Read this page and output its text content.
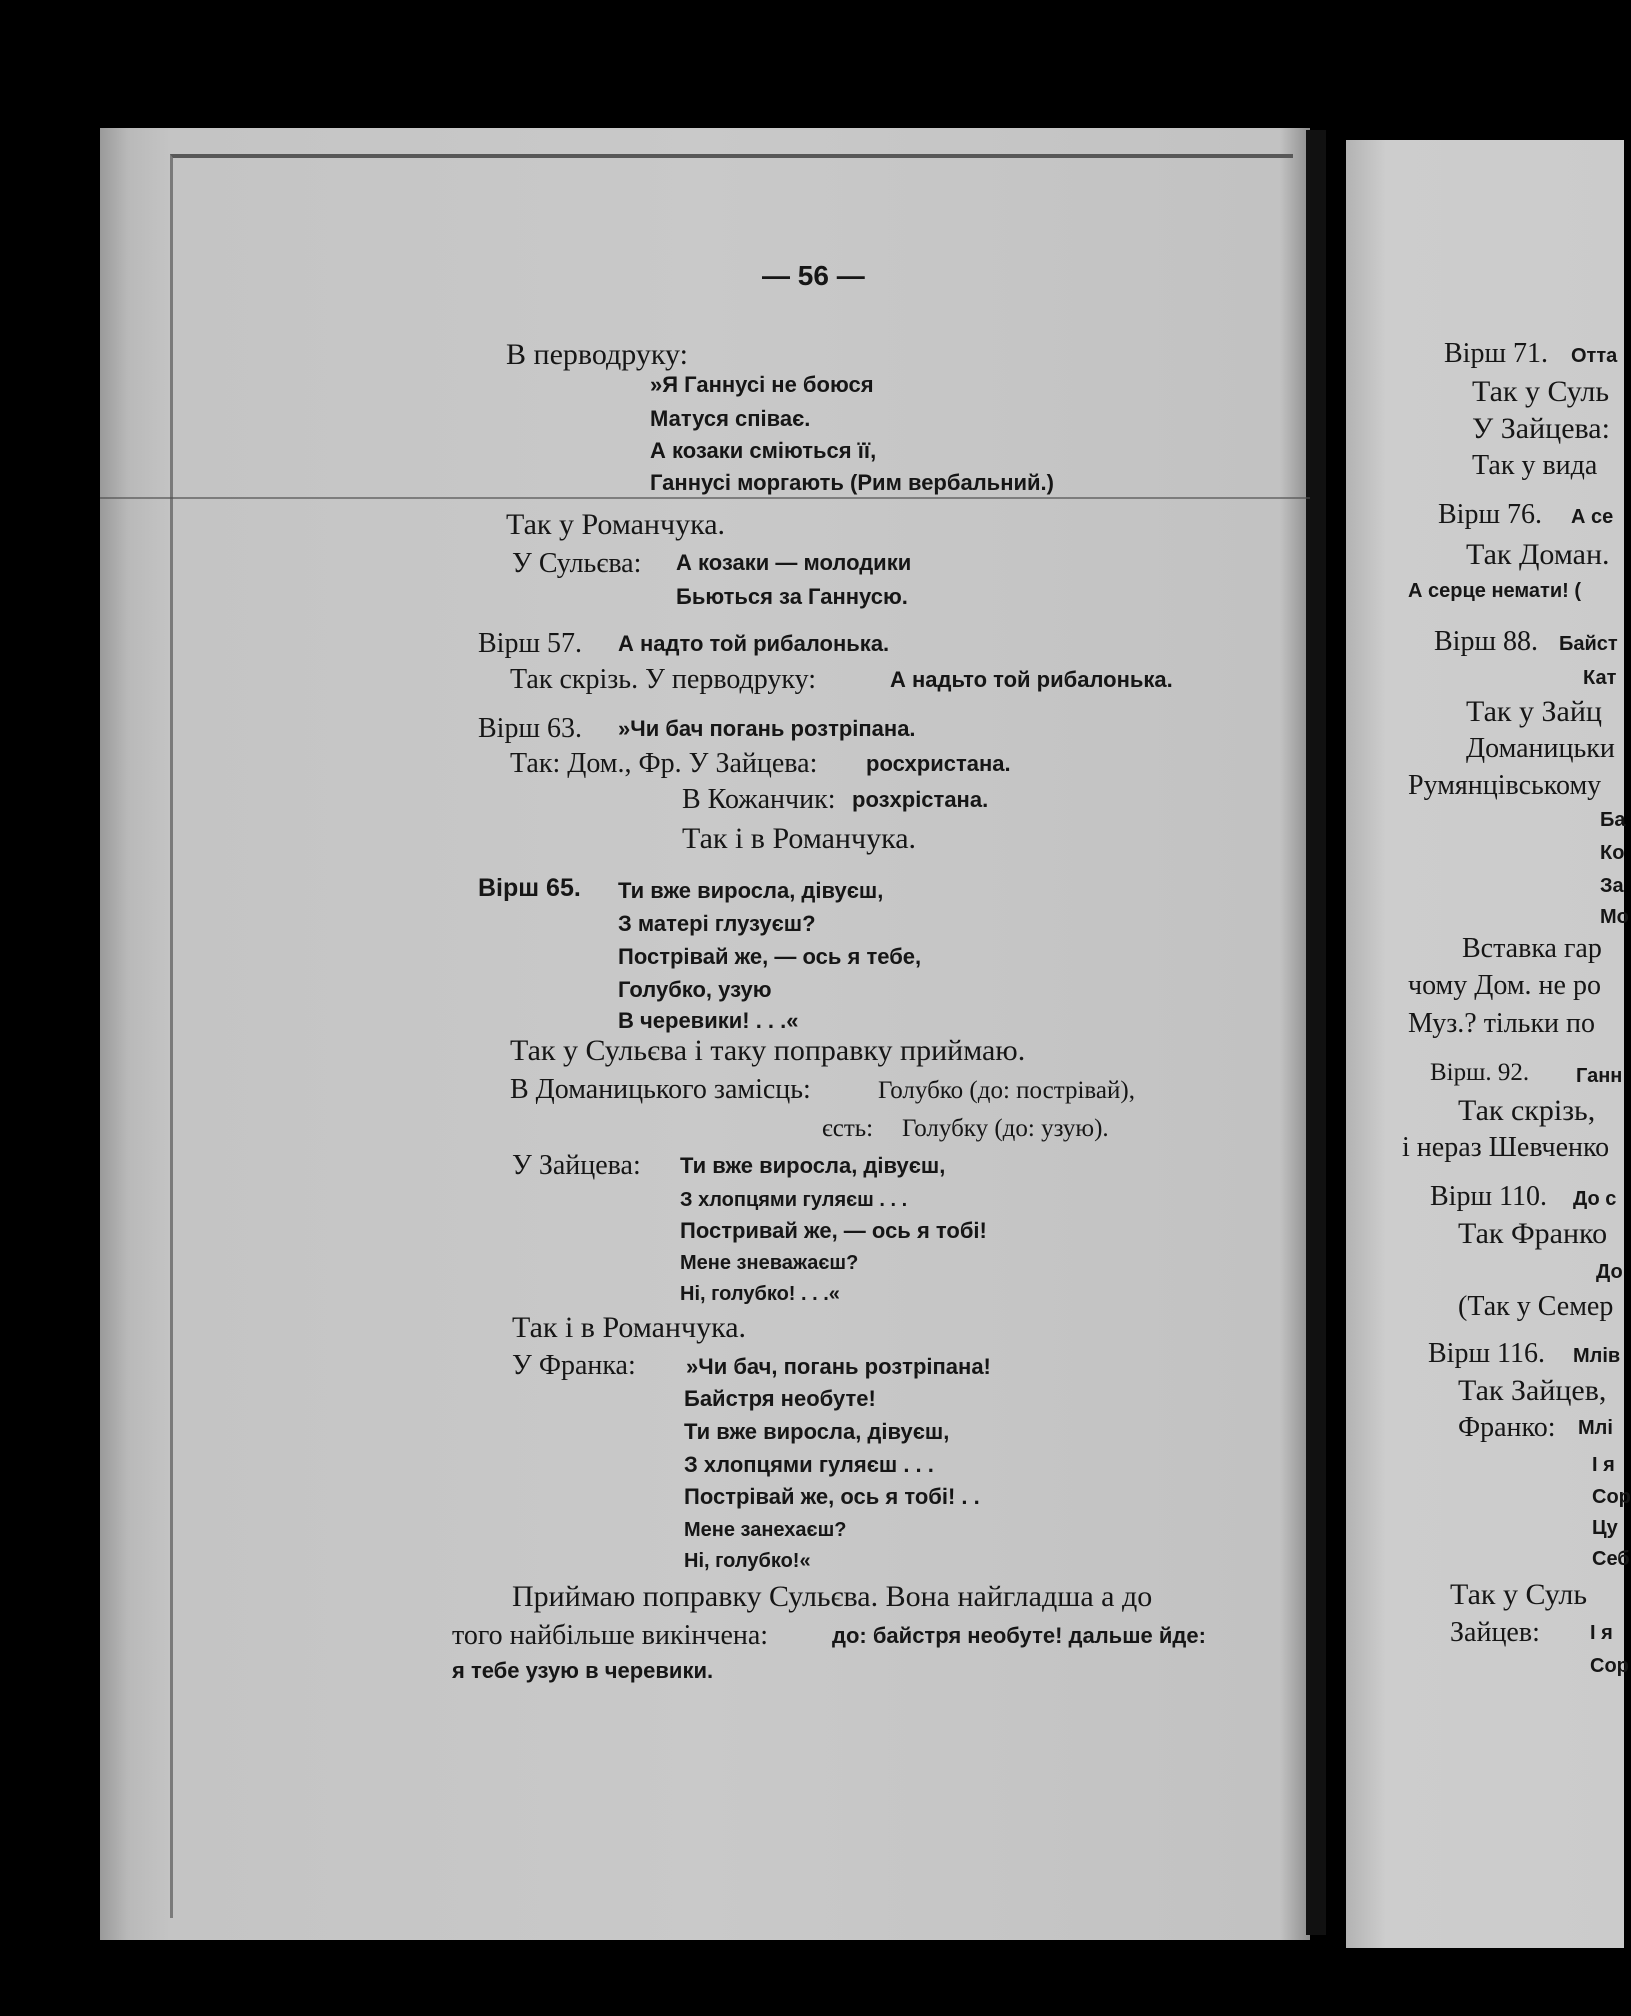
— 56 —
В перводруку:
»Я Ганнусі не боюся
Матуся співає.
А козаки сміються її,
Ганнусі моргають (Рим вербальний.)
Так у Романчука.
У Сульєва: А козаки — молодики
Бьються за Ганнусю.
Вірш 57. А надто той рибалонька.
Так скрізь. У перводруку:	А надьто той рибалонька.
Вірш 63. »Чи бач погань розтріпана.
Так: Дом., Фр. У Зайцева: росхристана.
В Кожанчик: розхрістана.
Так і в Романчука.
Вірш 65. Ти вже виросла, дівуєш,
З матері глузуєш?
Пострівай же, — ось я тебе,
Голубко, узую
В черевики! . . .«
Так у Сульєва і таку поправку приймаю.
В Доманицького замісць:	Голубко (до: пострівай),
єсть: Голубку (до: узую).
У Зайцева: Ти вже виросла, дівуєш,
З хлопцями гуляєш . . .
Постривай же, — ось я тобі!
Мене зневажаєш?
Ні, голубко! . . .«
Так і в Романчука.
У Франка: »Чи бач, погань розтріпана!
Байстря необуте!
Ти вже виросла, дівуєш,
З хлопцями гуляєш . . .
Пострівай же, ось я тобі! . .
Мене занехаєш?
Ні, голубко!«
Приймаю поправку Сульєва. Вона найгладша а до
того найбільше викінчена:	до: байстря необуте! дальше йде:
я тебе узую в черевики.
Вірш 71. Отта
Так у Суль
У Зайцева:
Так у вида
Вірш 76. А се
Так Доман.
А серце немати! (
Вірш 88. Байст
Кат
Так у Зайц
Доманицьки
Румянцівському
Ба
Ко
За
Мо
Вставка гар
чому Дом. не ро
Муз.? тільки по
Вірш. 92. Ганн
Так скрізь,
і нераз Шевченко
Вірш 110. До с
Так Франко
До
(Так у Семер
Вірш 116. Млів
Так Зайцев,
Франко: Млі
І я
Сор
Цу
Себ
Так у Суль
Зайцев:	І я
Сор
